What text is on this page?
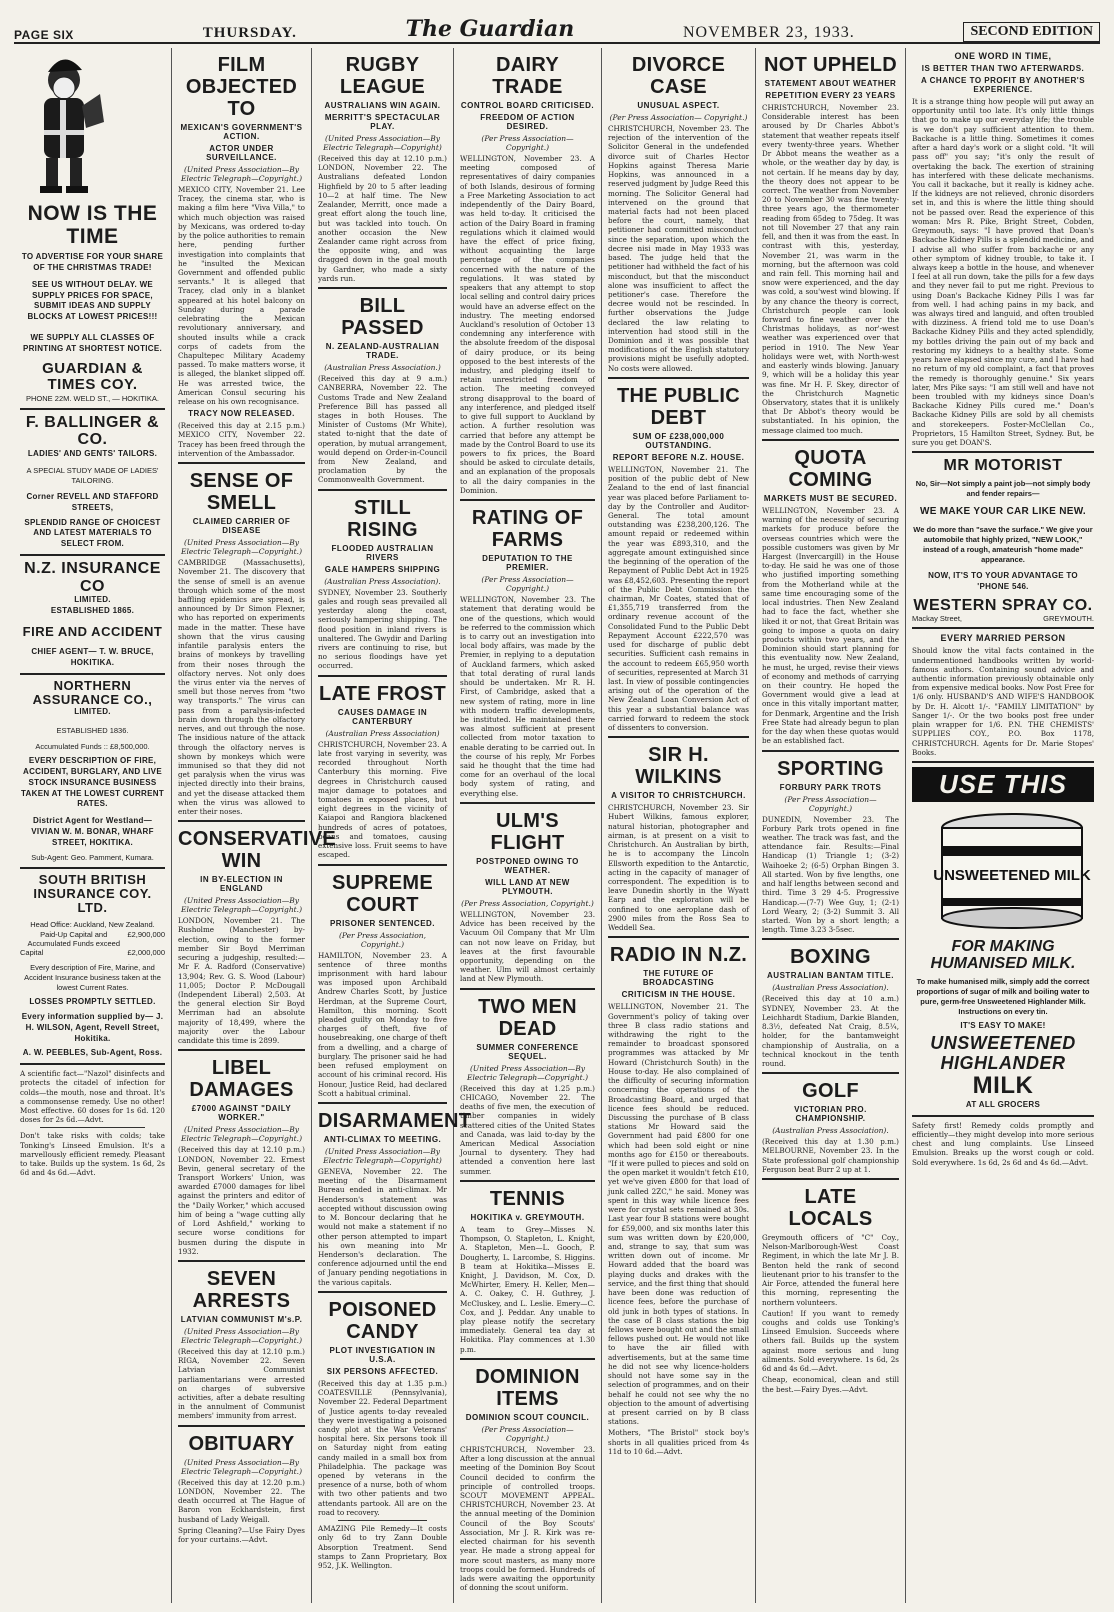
PAGE SIX	THURSDAY.	The Guardian	NOVEMBER 23, 1933.	SECOND EDITION
NOW IS THE TIME
TO ADVERTISE FOR YOUR SHARE OF THE CHRISTMAS TRADE!
SEE US WITHOUT DELAY. WE SUPPLY PRICES FOR SPACE, SUBMIT IDEAS AND SUPPLY BLOCKS AT LOWEST PRICES!!!
WE SUPPLY ALL CLASSES OF PRINTING AT SHORTEST NOTICE.
GUARDIAN & TIMES COY.
PHONE 22M. WELD ST., — HOKITIKA.
F. BALLINGER & CO.
LADIES' AND GENTS' TAILORS.
A SPECIAL STUDY MADE OF LADIES' TAILORING.
Corner REVELL AND STAFFORD STREETS,
SPLENDID RANGE OF CHOICEST AND LATEST MATERIALS TO SELECT FROM.
N.Z. INSURANCE CO
LIMITED.
ESTABLISHED 1865.
FIRE AND ACCIDENT
CHIEF AGENT— T. W. BRUCE, HOKITIKA.
NORTHERN ASSURANCE CO.,
LIMITED.
ESTABLISHED 1836.
Accumulated Funds :: £8,500,000.
EVERY DESCRIPTION OF FIRE, ACCIDENT, BURGLARY, AND LIVE STOCK INSURANCE BUSINESS TAKEN AT THE LOWEST CURRENT RATES.
District Agent for Westland— VIVIAN W. M. BONAR, WHARF STREET, HOKITIKA.
Sub-Agent: Geo. Pamment, Kumara.
SOUTH BRITISH INSURANCE COY. LTD.
Head Office: Auckland, New Zealand.
Paid-Up Capital and Accumulated Funds exceed
£2,900,000
Capital	£2,000,000
Every description of Fire, Marine, and Accident Insurance business taken at the lowest Current Rates.
LOSSES PROMPTLY SETTLED.
Every information supplied by— J. H. WILSON, Agent, Revell Street, Hokitika.
A. W. PEEBLES, Sub-Agent, Ross.

A scientific fact—"Nazol" disinfects and protects the citadel of infection for colds—the mouth, nose and throat. It's a commonsense remedy. Use no other! Most effective. 60 doses for 1s 6d. 120 doses for 2s 6d.—Advt.

Don't take risks with colds; take Tonking's Linseed Emulsion. It's a marvellously efficient remedy. Pleasant to take. Builds up the system. 1s 6d, 2s 6d and 4s 6d.—Advt.

FILM OBJECTED TO
MEXICAN'S GOVERNMENT'S ACTION.
ACTOR UNDER SURVEILLANCE.
(United Press Association—By Electric Telegraph—Copyright.)

MEXICO CITY, November 21. Lee Tracey, the cinema star, who is making a film here "Viva Villa," to which much objection was raised by Mexicans, was ordered to-day by the police authorities to remain here, pending further investigation into complaints that he "insulted the Mexican Government and offended public servants." It is alleged that Tracey, clad only in a blanket appeared at his hotel balcony on Sunday during a parade celebrating the Mexican revolutionary anniversary, and shouted insults while a crack corps of cadets from the Chapultepec Military Academy passed. To make matters worse, it is alleged, the blanket slipped off. He was arrested twice, the American Consul securing his release on his own recognisance.

TRACY NOW RELEASED.

(Received this day at 2.15 p.m.) MEXICO CITY, November 22. Tracey has been freed through the intervention of the Ambassador.

SENSE OF SMELL
CLAIMED CARRIER OF DISEASE
(United Press Association—By Electric Telegraph—Copyright.)

CAMBRIDGE (Massachusetts), November 21. The discovery that the sense of smell is an avenue through which some of the most baffling epidemics are spread, is announced by Dr Simon Flexner, who has reported on experiments made in the matter. These have shown that the virus causing infantile paralysis enters the brains of monkeys by travelling from their noses through the olfactory nerves. Not only does the virus enter via the nerves of smell but those nerves from "two way transports." The virus can pass from a paralysis-infected brain down through the olfactory nerves, and out through the nose. The insidious nature of the attack through the olfactory nerves is shown by monkeys which were immunised so that they did not get paralysis when the virus was injected directly into their brains, and yet the disease attacked them when the virus was allowed to enter their noses.

CONSERVATIVE WIN
IN BY-ELECTION IN ENGLAND
(United Press Association—By Electric Telegraph—Copyright.)

LONDON, November 21. The Rusholme (Manchester) by-election, owing to the former member Sir Boyd Merriman securing a judgeship, resulted:— Mr F. A. Radford (Conservative) 13,904; Rev. G. S. Wood (Labour) 11,005; Doctor P. McDougall (Independent Liberal) 2,503. At the general election Sir Boyd Merriman had an absolute majority of 18,499, where the majority over the Labour candidate this time is 2899.

LIBEL DAMAGES
£7000 AGAINST "DAILY WORKER."
(United Press Association—By Electric Telegraph—Copyright.)

(Received this day at 12.10 p.m.) LONDON, November 22. Ernest Bevin, general secretary of the Transport Workers' Union, was awarded £7000 damages for libel against the printers and editor of the "Daily Worker," which accused him of being a "wage cutting ally of Lord Ashfield," working to secure worse conditions for busmen during the dispute in 1932.

SEVEN ARRESTS
LATVIAN COMMUNIST M's.P.
(United Press Association—By Electric Telegraph—Copyright.)

(Received this day at 12.10 p.m.) RIGA, November 22. Seven Latvian Communist parliamentarians were arrested on charges of subversive activities, after a debate resulting in the annulment of Communist members' immunity from arrest.

OBITUARY
(United Press Association—By Electric Telegraph—Copyright.)

(Received this day at 12.20 p.m.) LONDON, November 22. The death occurred at The Hague of Baron von Eckhardstein, first husband of Lady Weigall.

Spring Cleaning?—Use Fairy Dyes for your curtains.—Advt.

RUGBY LEAGUE
AUSTRALIANS WIN AGAIN.
MERRITT'S SPECTACULAR PLAY.
(United Press Association—By Electric Telegraph—Copyright)

(Received this day at 12.10 p.m.) LONDON, November 22. The Australians defeated London Highfield by 20 to 5 after leading 10—2 at half time. The New Zealander, Merritt, once made a great effort along the touch line, but was tackled into touch. On another occasion the New Zealander came right across from the opposite wing, and was dragged down in the goal mouth by Gardner, who made a sixty yards run.

BILL PASSED
N. ZEALAND-AUSTRALIAN TRADE.
(Australian Press Association.)

(Received this day at 9 a.m.) CANBERRA, November 22. The Customs Trade and New Zealand Preference Bill has passed all stages in both Houses. The Minister of Customs (Mr White), stated to-night that the date of operation, by mutual arrangement, would depend on Order-in-Council from New Zealand, and proclamation by the Commonwealth Government.

STILL RISING
FLOODED AUSTRALIAN RIVERS
GALE HAMPERS SHIPPING
(Australian Press Association).

SYDNEY, November 23. Southerly gales and rough seas prevailed all yesterday along the coast, seriously hampering shipping. The flood position in inland rivers is unaltered. The Gwydir and Darling rivers are continuing to rise, but no serious floodings have yet occurred.

LATE FROST
CAUSES DAMAGE IN CANTERBURY
(Australian Press Association)

CHRISTCHURCH, November 23. A late frost varying in severity, was recorded throughout North Canterbury this morning. Five degrees in Christchurch caused major damage to potatoes and tomatoes in exposed places, but eight degrees in the vicinity of Kaiapoi and Rangiora blackened hundreds of acres of potatoes, beans and tomatoes, causing extensive loss. Fruit seems to have escaped.

SUPREME COURT
PRISONER SENTENCED.
(Per Press Association, Copyright.)

HAMILTON, November 23. A sentence of three months imprisonment with hard labour was imposed upon Archibald Andrew Charles Scott, by Justice Herdman, at the Supreme Court, Hamilton, this morning. Scott pleaded guilty on Monday to five charges of theft, five of housebreaking, one charge of theft from a dwelling, and a charge of burglary. The prisoner said he had been refused employment on account of his criminal record. His Honour, Justice Reid, had declared Scott a habitual criminal.

DISARMAMENT
ANTI-CLIMAX TO MEETING.
(United Press Association—By Electric Telegraph—Copyright)

GENEVA, November 22. The meeting of the Disarmament Bureau ended in anti-climax. Mr Henderson's statement was accepted without discussion owing to M. Boncour declaring that he would not make a statement if no other person attempted to impart his own meaning into Mr Henderson's declaration. The conference adjourned until the end of January pending negotiations in the various capitals.

POISONED CANDY
PLOT INVESTIGATION IN U.S.A.
SIX PERSONS AFFECTED.

(Received this day at 1.35 p.m.) COATESVILLE (Pennsylvania), November 22. Federal Department of Justice agents to-day revealed they were investigating a poisoned candy plot at the War Veterans' hospital here. Six persons took ill on Saturday night from eating candy mailed in a small box from Philadelphia. The package was opened by veterans in the presence of a nurse, both of whom with two other patients and two attendants partook. All are on the road to recovery.

AMAZING Pile Remedy—It costs only 6d to try Zann Double Absorption Treatment. Send stamps to Zann Proprietary, Box 952, J.K. Wellington.

DAIRY TRADE
CONTROL BOARD CRITICISED.
FREEDOM OF ACTION DESIRED.
(Per Press Association— Copyright.)

WELLINGTON, November 23. A meeting composed of representatives of dairy companies of both Islands, desirous of forming a Free Marketing Association to act independently of the Dairy Board, was held to-day. It criticised the action of the Dairy Board in framing regulations which it claimed would have the effect of price fixing, without acquainting the large percentage of the companies concerned with the nature of the regulations. It was stated by speakers that any attempt to stop local selling and control dairy prices would have an adverse effect on the industry. The meeting endorsed Auckland's resolution of October 13 condemning any interference with the absolute freedom of the disposal of dairy produce, or its being opposed to the best interests of the industry, and pledging itself to retain unrestricted freedom of action. The meeting conveyed strong disapproval to the board of any interference, and pledged itself to give full support to Auckland by action. A further resolution was carried that before any attempt be made by the Control Board to use its powers to fix prices, the Board should be asked to circulate details, and an explanation of the proposals to all the dairy companies in the Dominion.

RATING OF FARMS
DEPUTATION TO THE PREMIER.
(Per Press Association— Copyright.)

WELLINGTON, November 23. The statement that derating would be one of the questions, which would be referred to the commission which is to carry out an investigation into local body affairs, was made by the Premier, in replying to a deputation of Auckland farmers, which asked that total derating of rural lands should be undertaken. Mr R. H. First, of Cambridge, asked that a new system of rating, more in line with modern traffic developments, be instituted. He maintained there was almost sufficient at present collected from motor taxation to enable derating to be carried out. In the course of his reply, Mr Forbes said he thought that the time had come for an overhaul of the local body system of rating, and everything else.

ULM'S FLIGHT
POSTPONED OWING TO WEATHER.
WILL LAND AT NEW PLYMOUTH.
(Per Press Association, Copyright.)

WELLINGTON, November 23. Advice has been received by the Vacuum Oil Company that Mr Ulm can not now leave on Friday, but leaves at the first favourable opportunity, depending on the weather. Ulm will almost certainly land at New Plymouth.

TWO MEN DEAD
SUMMER CONFERENCE SEQUEL.
(United Press Association—By Electric Telegraph—Copyright.)

(Received this day at 1.25 p.m.) CHICAGO, November 22. The deaths of five men, the execution of timber companies in widely scattered cities of the United States and Canada, was laid to-day by the American Medical Association Journal to dysentery. They had attended a convention here last summer.

TENNIS
HOKITIKA v. GREYMOUTH.

A team to Grey—Misses N. Thompson, O. Stapleton, L. Knight, A. Stapleton, Men—L. Gooch, P. Dougherty, L. Larcombe, S. Higgins. B team at Hokitika—Misses E. Knight, J. Davidson, M. Cox, D. McWhirter, Emery. H. Keller, Men—A. C. Oakey, C. H. Guthrey, J. McCluskey, and L. Leslie. Emery—C. Cox, and J. Peddar. Any unable to play please notify the secretary immediately. General tea day at Hokitika. Play commences at 1.30 p.m.

DOMINION ITEMS
DOMINION SCOUT COUNCIL.
(Per Press Association— Copyright.)

CHRISTCHURCH, November 23. After a long discussion at the annual meeting of the Dominion Boy Scout Council decided to confirm the principle of controlled troops. SCOUT MOVEMENT APPEAL. CHRISTCHURCH, November 23. At the annual meeting of the Dominion Council of the Boy Scouts' Association, Mr J. R. Kirk was re-elected chairman for his seventh year. He made a strong appeal for more scout masters, as many more troops could be formed. Hundreds of lads were awaiting the opportunity of donning the scout uniform.

DIVORCE CASE
UNUSUAL ASPECT.
(Per Press Association— Copyright.)

CHRISTCHURCH, November 23. The rejection of the intervention of the Solicitor General in the undefended divorce suit of Charles Hector Hopkins against Theresa Marie Hopkins, was announced in a reserved judgment by Judge Reed this morning. The Solicitor General had intervened on the ground that material facts had not been placed before the court, namely, that petitioner had committed misconduct since the separation, upon which the decree nisi made in May 1933 was based. The judge held that the petitioner had withheld the fact of his misconduct, but that the misconduct alone was insufficient to affect the petitioner's case. Therefore the decree would not be rescinded. In further observations the Judge declared the law relating to intervention had stood still in the Dominion and it was possible that modifications of the English statutory provisions might be usefully adopted. No costs were allowed.

THE PUBLIC DEBT
SUM OF £238,000,000 OUTSTANDING.
REPORT BEFORE N.Z. HOUSE.

WELLINGTON, November 21. The position of the public debt of New Zealand to the end of last financial year was placed before Parliament to-day by the Controller and Auditor-General. The total amount outstanding was £238,200,126. The amount repaid or redeemed within the year was £893,310, and the aggregate amount extinguished since the beginning of the operation of the Repayment of Public Debt Act in 1925 was £8,452,603. Presenting the report of the Public Debt Commission the chairman, Mr Coates, stated that of £1,355,719 transferred from the ordinary revenue account of the Consolidated Fund to the Public Debt Repayment Account £222,570 was used for discharge of public debt securities. Sufficient cash remains in the account to redeem £65,950 worth of securities, represented at March 31 last. In view of possible contingencies arising out of the operation of the New Zealand Loan Conversion Act of this year a substantial balance was carried forward to redeem the stock of dissenters to conversion.

SIR H. WILKINS
A VISITOR TO CHRISTCHURCH.

CHRISTCHURCH, November 23. Sir Hubert Wilkins, famous explorer, natural historian, photographer and airman, is at present on a visit to Christchurch. An Australian by birth, he is to accompany the Lincoln Ellsworth expedition to the Antarctic, acting in the capacity of manager of correspondent. The expedition is to leave Dunedin shortly in the Wyatt Earp and the exploration will be confined to one aeroplane dash of 2900 miles from the Ross Sea to Weddell Sea.

RADIO IN N.Z.
THE FUTURE OF BROADCASTING
CRITICISM IN THE HOUSE.

WELLINGTON, November 21. The Government's policy of taking over three B class radio stations and withdrawing the right to the remainder to broadcast sponsored programmes was attacked by Mr Howard (Christchurch South) in the House to-day. He also complained of the difficulty of securing information concerning the operations of the Broadcasting Board, and urged that licence fees should be reduced. Discussing the purchase of B class stations Mr Howard said the Government had paid £800 for one which had been sold eight or nine months ago for £150 or thereabouts. "If it were pulled to pieces and sold on the open market it wouldn't fetch £10, yet we've given £800 for that load of junk called 2ZC," he said. Money was spent in this way while licence fees were for crystal sets remained at 30s. Last year four B stations were bought for £59,000, and six months later this sum was written down by £20,000, and, strange to say, that sum was written down out of income. Mr Howard added that the board was playing ducks and drakes with the service, and the first thing that should have been done was reduction of licence fees, before the purchase of old junk in both types of stations. In the case of B class stations the big fellows were bought out and the small fellows pushed out. He would not like to have the air filled with advertisements, but at the same time he did not see why licence-holders should not have some say in the selection of programmes, and on their behalf he could not see why the no objection to the amount of advertising at present carried on by B class stations.

Mothers, "The Bristol" stock boy's shorts in all qualities priced from 4s 11d to 10 6d.—Advt.

NOT UPHELD
STATEMENT ABOUT WEATHER
REPETITION EVERY 23 YEARS

CHRISTCHURCH, November 23. Considerable interest has been aroused by Dr Charles Abbot's statement that weather repeats itself every twenty-three years. Whether Dr Abbot means the weather as a whole, or the weather day by day, is not certain. If he means day by day, the theory does not appear to be correct. The weather from November 20 to November 30 was fine twenty-three years ago, the thermometer reading from 65deg to 75deg. It was not till November 27 that any rain fell, and then it was from the east. In contrast with this, yesterday, November 21, was warm in the morning, but the afternoon was cold and rain fell. This morning hail and snow were experienced, and the day was cold, a sou'west wind blowing. If by any chance the theory is correct, Christchurch people can look forward to fine weather over the Christmas holidays, as nor'-west weather was experienced over that period in 1910. The New Year holidays were wet, with North-west and easterly winds blowing. January 9, which will be a holiday this year was fine. Mr H. F. Skey, director of the Christchurch Magnetic Observatory, states that it is unlikely that Dr Abbot's theory would be substantiated. In his opinion, the message claimed too much.

QUOTA COMING
MARKETS MUST BE SECURED.

WELLINGTON, November 23. A warning of the necessity of securing markets for produce before the overseas countries which were the possible customers was given by Mr Hargest (Invercargill) in the House to-day. He said he was one of those who justified importing something from the Motherland while at the same time encouraging some of the local industries. Then New Zealand had to face the fact, whether she liked it or not, that Great Britain was going to impose a quota on dairy products within two years, and the Dominion should start planning for this eventuality now. New Zealand, he must, he urged, revise their views of economy and methods of carrying on their country. He hoped the Government would give a lead at once in this vitally important matter, for Denmark, Argentine and the Irish Free State had already begun to plan for the day when these quotas would be an established fact.

SPORTING
FORBURY PARK TROTS
(Per Press Association— Copyright.)

DUNEDIN, November 23. The Forbury Park trots opened in fine weather. The track was fast, and the attendance fair. Results:—Final Handicap (1) Triangle 1; (3-2) Waihoeke 2; (6-5) Orphan Bingen 3. All started. Won by five lengths, one and half lengths between second and third. Time 3 29 4-5. Progressive Handicap.—(7-7) Wee Guy, 1; (2-1) Lord Weary, 2; (3-2) Summit 3. All started. Won by a short length; a length. Time 3.23 3-5sec.

BOXING
AUSTRALIAN BANTAM TITLE.
(Australian Press Association).

(Received this day at 10 a.m.) SYDNEY, November 23. At the Leichhardt Stadium, Darkie Blanden, 8.3½, defeated Nat Craig, 8.5¼, holder, for the bantamweight championship of Australia, on a technical knockout in the tenth round.

GOLF
VICTORIAN PRO. CHAMPIONSHIP.
(Australian Press Association).

(Received this day at 1.30 p.m.) MELBOURNE, November 23. In the State professional golf championship Ferguson beat Burr 2 up at 1.

LATE LOCALS

Greymouth officers of "C" Coy., Nelson-Marlborough-West Coast Regiment, in which the late Mr J. B. Benton held the rank of second lieutenant prior to his transfer to the Air Force, attended the funeral here this morning, representing the northern volunteers.

Caution! If you want to remedy coughs and colds use Tonking's Linseed Emulsion. Succeeds where others fail. Builds up the system against more serious and lung ailments. Sold everywhere. 1s 6d, 2s 6d and 4s 6d.—Advt.

Cheap, economical, clean and still the best.—Fairy Dyes.—Advt.

ONE WORD IN TIME,
IS BETTER THAN TWO AFTERWARDS.
A CHANCE TO PROFIT BY ANOTHER'S EXPERIENCE.

It is a strange thing how people will put away an opportunity until too late. It's only little things that go to make up our everyday life; the trouble is we don't pay sufficient attention to them. Backache is a little thing. Sometimes it comes after a hard day's work or a slight cold. "It will pass off" you say; "it's only the result of overtaking the back. The exertion of straining has interfered with these delicate mechanisms. You call it backache, but it really is kidney ache. If the kidneys are not relieved, chronic disorders set in, and this is where the little thing should not be passed over. Read the experience of this woman: Mrs R. Pike, Bright Street, Cobden, Greymouth, says: "I have proved that Doan's Backache Kidney Pills is a splendid medicine, and I advise all who suffer from backache or any other symptom of kidney trouble, to take it. I always keep a bottle in the house, and whenever I feel at all run down, take the pills for a few days and they never fail to put me right. Previous to using Doan's Backache Kidney Pills I was far from well. I had aching pains in my back, and was always tired and languid, and often troubled with dizziness. A friend told me to use Doan's Backache Kidney Pills and they acted splendidly, my bottles driving the pain out of my back and restoring my kidneys to a healthy state. Some years have elapsed since my cure, and I have had no return of my old complaint, a fact that proves the remedy is thoroughly genuine." Six years later, Mrs Pike says: "I am still well and have not been troubled with my kidneys since Doan's Backache Kidney Pills cured me." Doan's Backache Kidney Pills are sold by all chemists and storekeepers. Foster-McClellan Co., Proprietors, 15 Hamilton Street, Sydney. But, be sure you get DOAN'S.

MR MOTORIST
No, Sir—Not simply a paint job—not simply body and fender repairs—
WE MAKE YOUR CAR LIKE NEW.
We do more than "save the surface." We give your automobile that highly prized, "NEW LOOK," instead of a rough, amateurish "home made" appearance.
NOW, IT'S TO YOUR ADVANTAGE TO 'PHONE 546.
WESTERN SPRAY CO.
Mackay Street,	GREYMOUTH.
EVERY MARRIED PERSON

Should know the vital facts contained in the undermentioned handbooks written by world-famous authors. Containing sound advice and authentic information previously obtainable only from expensive medical books. Now Post Free for 1/6 only. HUSBAND'S AND WIFE'S HANDBOOK by Dr. H. Alcott 1/-. "FAMILY LIMITATION" by Sanger 1/-. Or the two books post free under plain wrapper for 1/6. P.N. THE CHEMISTS' SUPPLIES COY., P.O. Box 1178, CHRISTCHURCH. Agents for Dr. Marie Stopes' Books.

USE THIS
UNSWEETENED MILK
FOR MAKING HUMANISED MILK.
To make humanised milk, simply add the correct proportions of sugar of milk and boiling water to pure, germ-free Unsweetened Highlander Milk. Instructions on every tin.
IT'S EASY TO MAKE!
UNSWEETENED
HIGHLANDER
MILK
AT ALL GROCERS

Safety first! Remedy colds promptly and efficiently—they might develop into more serious chest and lung complaints. Use Linseed Emulsion. Breaks up the worst cough or cold. Sold everywhere. 1s 6d, 2s 6d and 4s 6d.—Advt.
